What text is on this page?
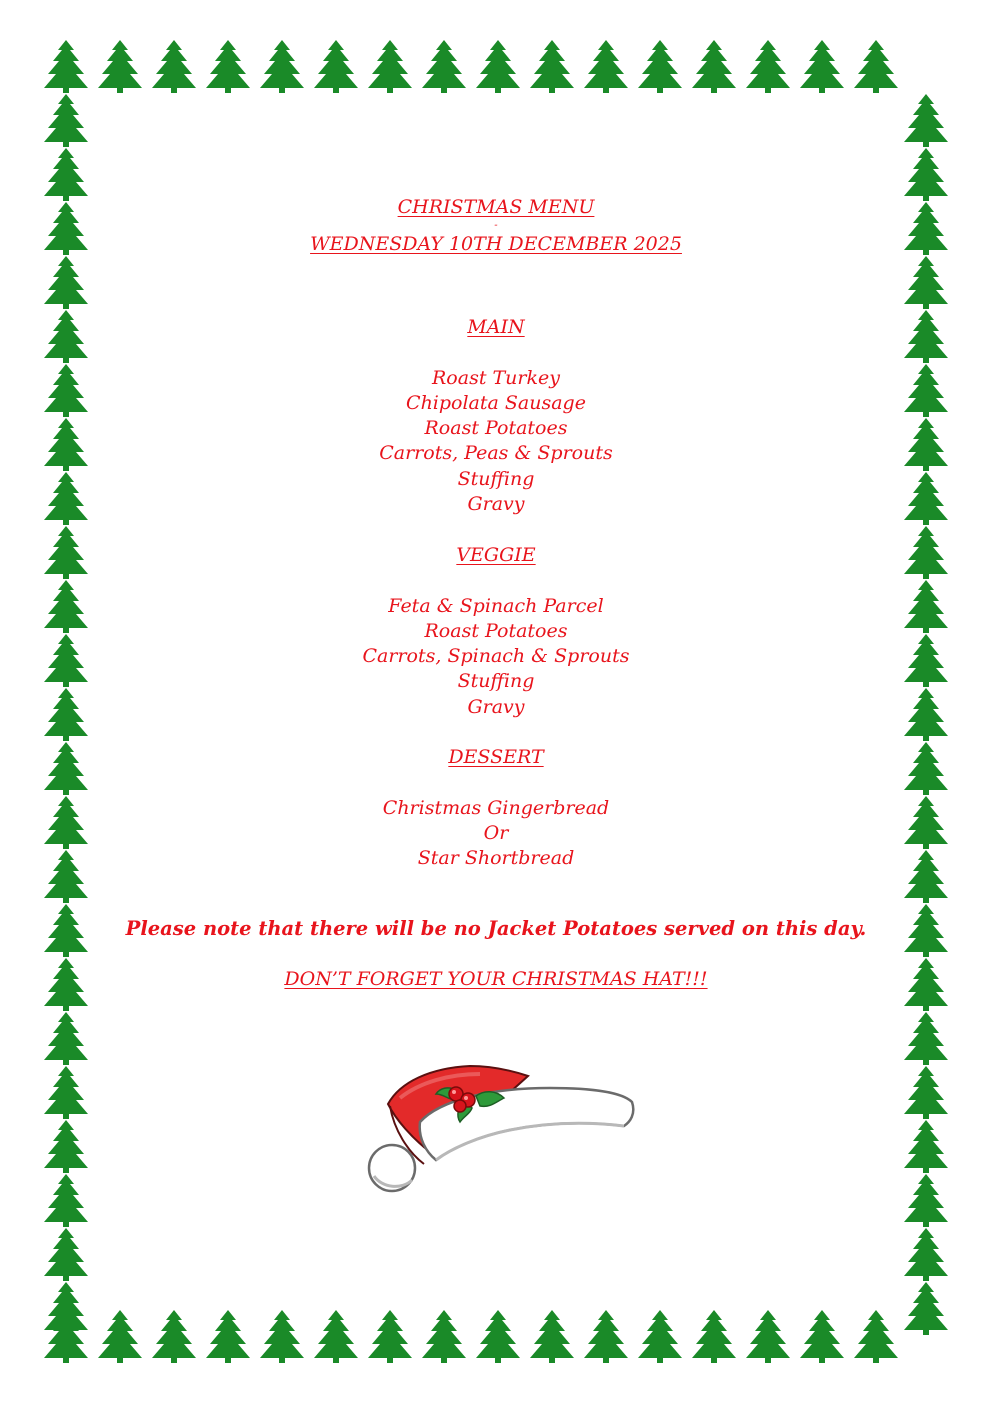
CHRISTMAS MENU
-
WEDNESDAY 10TH DECEMBER 2025
MAIN
Roast Turkey
Chipolata Sausage
Roast Potatoes
Carrots, Peas & Sprouts
Stuffing
Gravy
VEGGIE
Feta & Spinach Parcel
Roast Potatoes
Carrots, Spinach & Sprouts
Stuffing
Gravy
DESSERT
Christmas Gingerbread
Or
Star Shortbread
Please note that there will be no Jacket Potatoes served on this day.
DON’T FORGET YOUR CHRISTMAS HAT!!!
